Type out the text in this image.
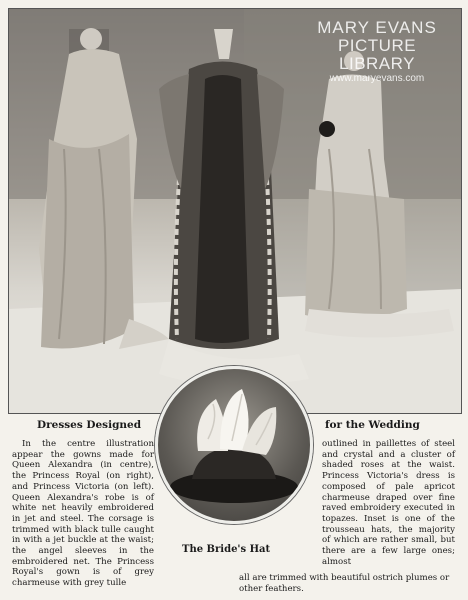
MARY EVANS
PICTURE LIBRARY
www.maryevans.com
Dresses Designed	for the Wedding

In the centre illustration appear the gowns made for Queen Alexandra (in centre), the Princess Royal (on right), and Princess Victoria (on left). Queen Alexandra's robe is of white net heavily embroidered in jet and steel. The corsage is trimmed with black tulle caught in with a jet buckle at the waist; the angel sleeves in the embroidered net. The Princess Royal's gown is of grey charmeuse with grey tulle

outlined in paillettes of steel and crystal and a cluster of shaded roses at the waist. Princess Victoria's dress is composed of pale apricot charmeuse draped over fine raved embroidery executed in topazes. Inset is one of the trousseau hats, the majority of which are rather small, but there are a few large ones; almost

The Bride's Hat
all are trimmed with beautiful ostrich plumes or other feathers.
